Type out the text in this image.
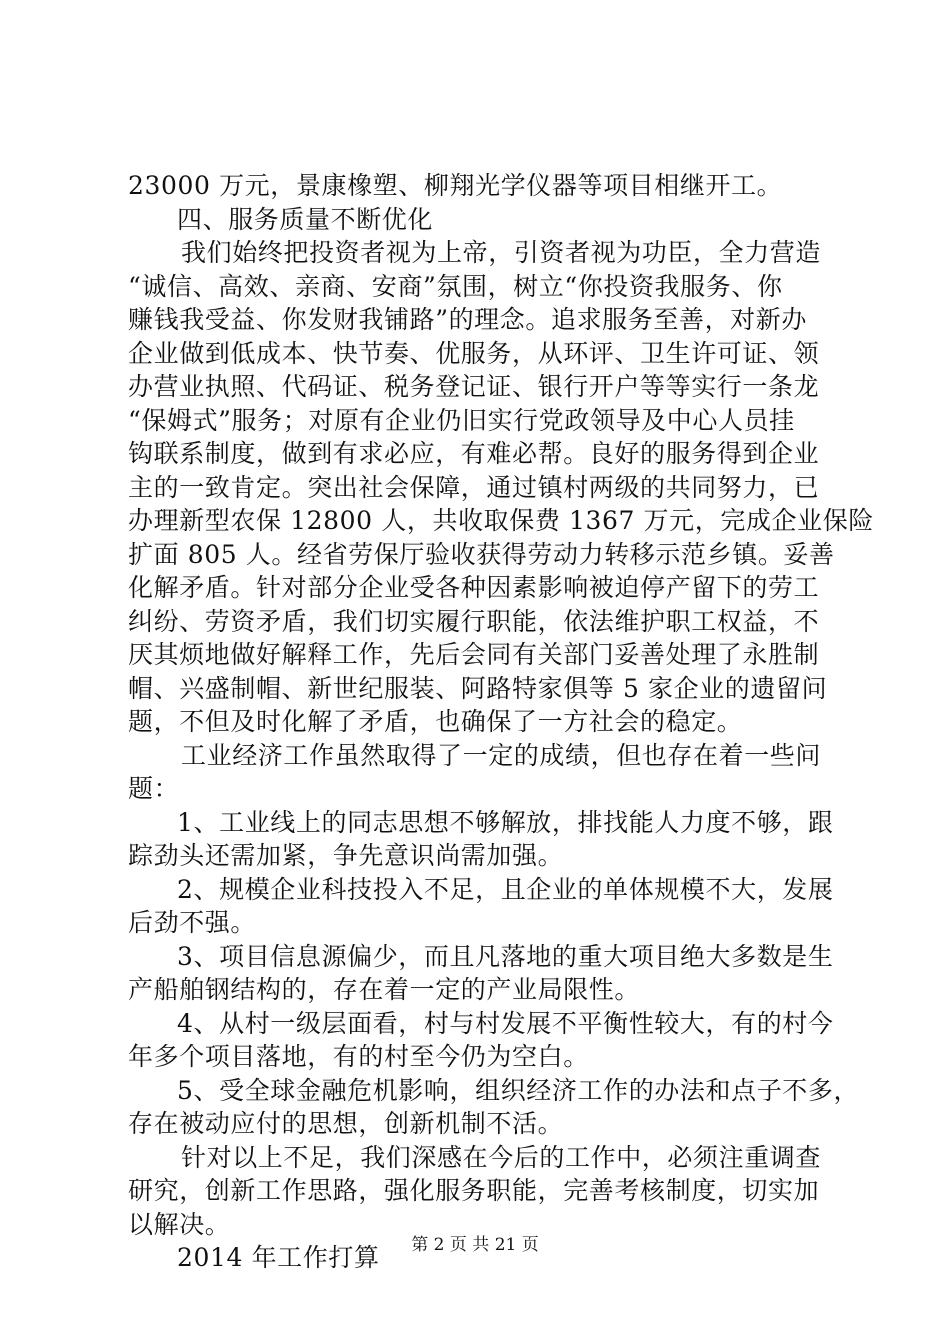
23000 万元，景康橡塑、柳翔光学仪器等项目相继开工。
四、服务质量不断优化
我们始终把投资者视为上帝，引资者视为功臣，全力营造
“诚信、高效、亲商、安商”氛围，树立“你投资我服务、你
赚钱我受益、你发财我铺路”的理念。追求服务至善，对新办
企业做到低成本、快节奏、优服务，从环评、卫生许可证、领
办营业执照、代码证、税务登记证、银行开户等等实行一条龙
“保姆式”服务；对原有企业仍旧实行党政领导及中心人员挂
钩联系制度，做到有求必应，有难必帮。良好的服务得到企业
主的一致肯定。突出社会保障，通过镇村两级的共同努力，已
办理新型农保 12800 人，共收取保费 1367 万元，完成企业保险
扩面 805 人。经省劳保厅验收获得劳动力转移示范乡镇。妥善
化解矛盾。针对部分企业受各种因素影响被迫停产留下的劳工
纠纷、劳资矛盾，我们切实履行职能，依法维护职工权益，不
厌其烦地做好解释工作，先后会同有关部门妥善处理了永胜制
帽、兴盛制帽、新世纪服装、阿路特家俱等 5 家企业的遗留问
题，不但及时化解了矛盾，也确保了一方社会的稳定。
工业经济工作虽然取得了一定的成绩，但也存在着一些问
题：
1、工业线上的同志思想不够解放，排找能人力度不够，跟
踪劲头还需加紧，争先意识尚需加强。
2、规模企业科技投入不足，且企业的单体规模不大，发展
后劲不强。
3、项目信息源偏少，而且凡落地的重大项目绝大多数是生
产船舶钢结构的，存在着一定的产业局限性。
4、从村一级层面看，村与村发展不平衡性较大，有的村今
年多个项目落地，有的村至今仍为空白。
5、受全球金融危机影响，组织经济工作的办法和点子不多，
存在被动应付的思想，创新机制不活。
针对以上不足，我们深感在今后的工作中，必须注重调查
研究，创新工作思路，强化服务职能，完善考核制度，切实加
以解决。
2014 年工作打算	第 2 页 共 21 页
